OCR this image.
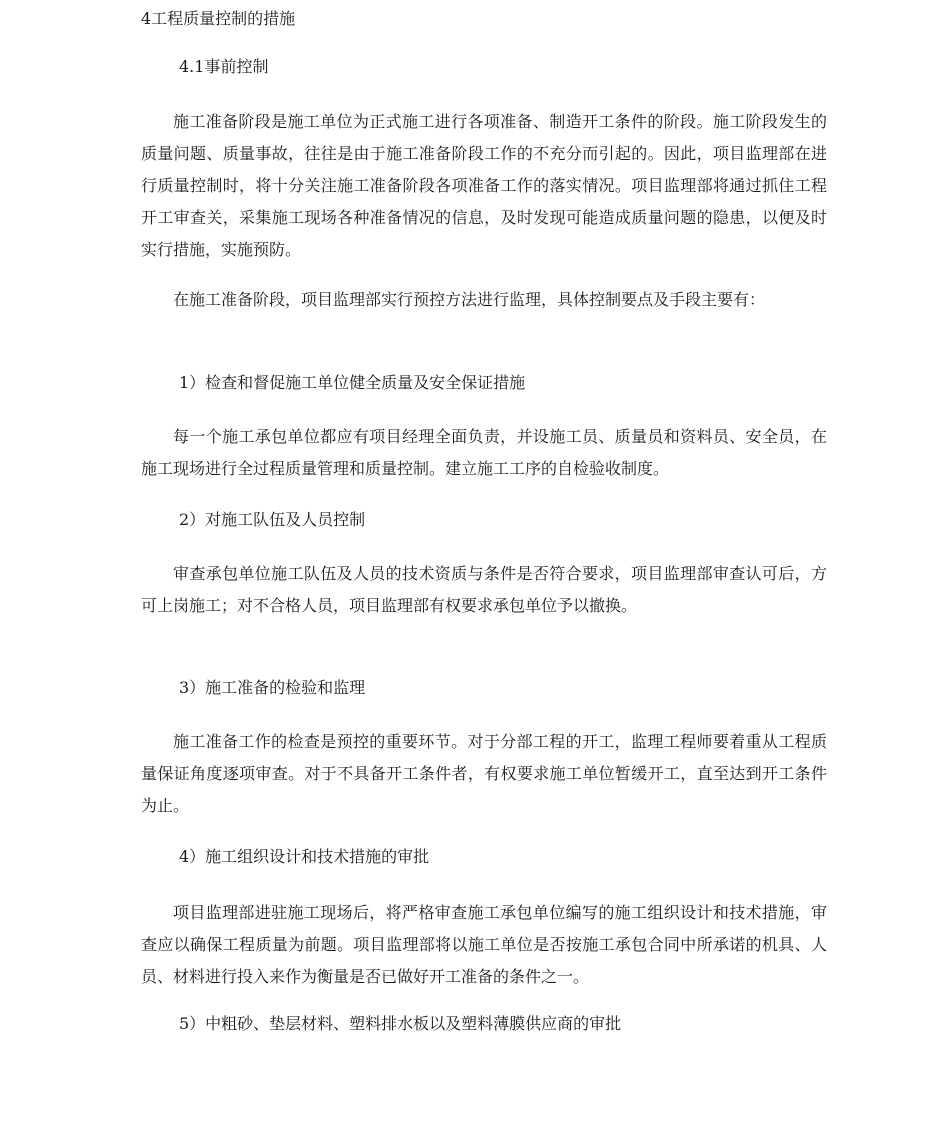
4工程质量控制的措施
4.1事前控制

施工准备阶段是施工单位为正式施工进行各项准备、制造开工条件的阶段。施工阶段发生的质量问题、质量事故，往往是由于施工准备阶段工作的不充分而引起的。因此，项目监理部在进行质量控制时，将十分关注施工准备阶段各项准备工作的落实情况。项目监理部将通过抓住工程开工审查关，采集施工现场各种准备情况的信息，及时发现可能造成质量问题的隐患，以便及时实行措施，实施预防。

在施工准备阶段，项目监理部实行预控方法进行监理，具体控制要点及手段主要有：

1）检查和督促施工单位健全质量及安全保证措施

每一个施工承包单位都应有项目经理全面负责，并设施工员、质量员和资料员、安全员，在施工现场进行全过程质量管理和质量控制。建立施工工序的自检验收制度。

2）对施工队伍及人员控制

审查承包单位施工队伍及人员的技术资质与条件是否符合要求，项目监理部审查认可后，方可上岗施工；对不合格人员，项目监理部有权要求承包单位予以撤换。

3）施工准备的检验和监理

施工准备工作的检查是预控的重要环节。对于分部工程的开工，监理工程师要着重从工程质量保证角度逐项审查。对于不具备开工条件者，有权要求施工单位暂缓开工，直至达到开工条件为止。

4）施工组织设计和技术措施的审批

项目监理部进驻施工现场后，将严格审查施工承包单位编写的施工组织设计和技术措施，审查应以确保工程质量为前题。项目监理部将以施工单位是否按施工承包合同中所承诺的机具、人员、材料进行投入来作为衡量是否已做好开工准备的条件之一。

5）中粗砂、垫层材料、塑料排水板以及塑料薄膜供应商的审批
